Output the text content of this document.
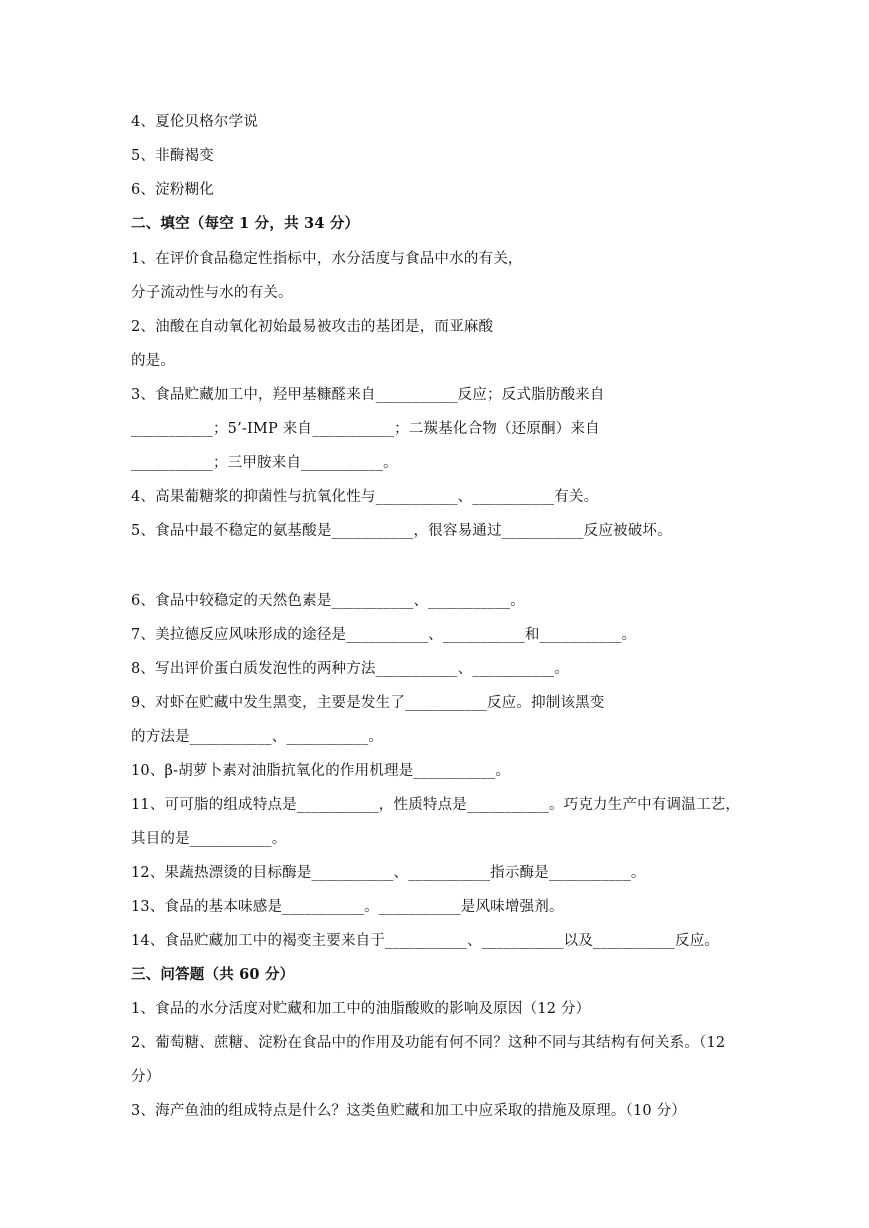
4、夏伦贝格尔学说
5、非酶褐变
6、淀粉糊化
二、填空（每空 1 分，共 34 分）
1、在评价食品稳定性指标中，水分活度与食品中水的有关，
分子流动性与水的有关。
2、油酸在自动氧化初始最易被攻击的基团是，而亚麻酸
的是。
3、食品贮藏加工中，羟甲基糠醛来自___________反应；反式脂肪酸来自
___________；5’-IMP 来自___________；二羰基化合物（还原酮）来自
___________；三甲胺来自___________。
4、高果葡糖浆的抑菌性与抗氧化性与___________、___________有关。
5、食品中最不稳定的氨基酸是___________，很容易通过___________反应被破坏。
6、食品中较稳定的天然色素是___________、___________。
7、美拉德反应风味形成的途径是___________、___________和___________。
8、写出评价蛋白质发泡性的两种方法___________、___________。
9、对虾在贮藏中发生黑变，主要是发生了___________反应。抑制该黑变
的方法是___________、___________。
10、β-胡萝卜素对油脂抗氧化的作用机理是___________。
11、可可脂的组成特点是___________，性质特点是___________。巧克力生产中有调温工艺，
其目的是___________。
12、果蔬热漂烫的目标酶是___________、___________指示酶是___________。
13、食品的基本味感是___________。___________是风味增强剂。
14、食品贮藏加工中的褐变主要来自于___________、___________以及___________反应。
三、问答题（共 60 分）
1、食品的水分活度对贮藏和加工中的油脂酸败的影响及原因（12 分）
2、葡萄糖、蔗糖、淀粉在食品中的作用及功能有何不同？这种不同与其结构有何关系。（12
分）
3、海产鱼油的组成特点是什么？这类鱼贮藏和加工中应采取的措施及原理。（10 分）
